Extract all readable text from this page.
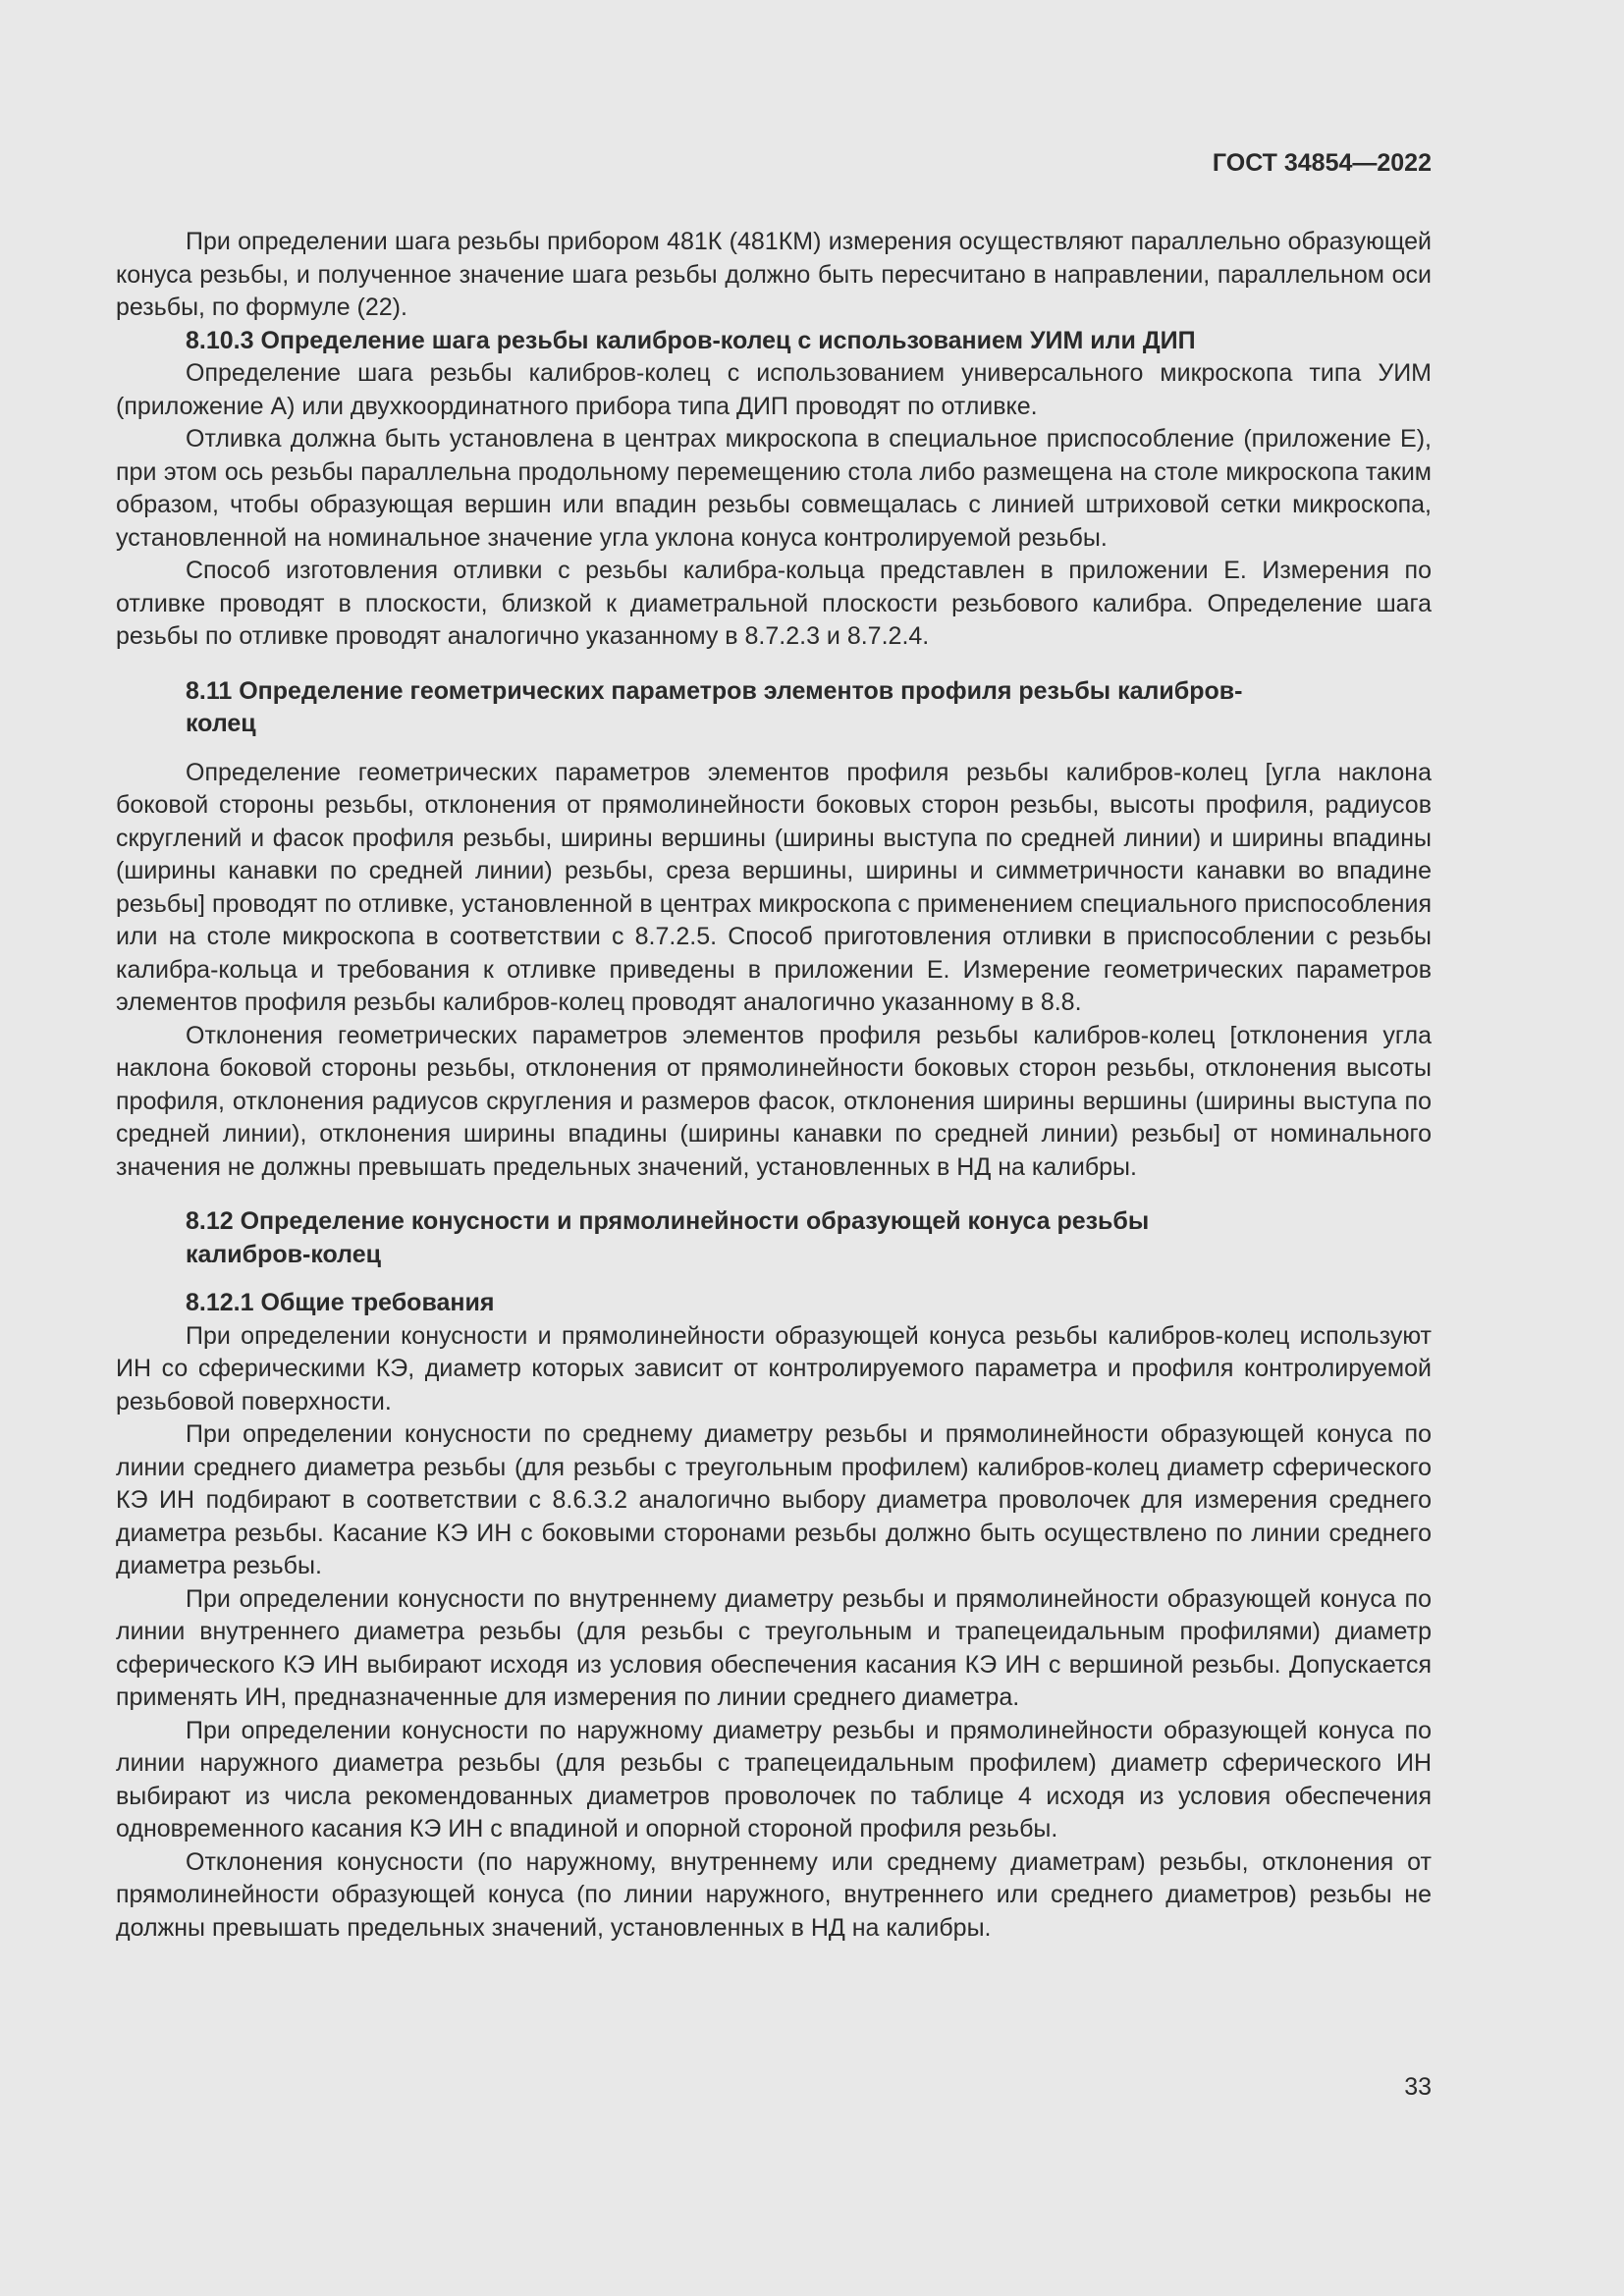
ГОСТ 34854—2022

При определении шага резьбы прибором 481К (481КМ) измерения осуществляют параллельно образующей конуса резьбы, и полученное значение шага резьбы должно быть пересчитано в направлении, параллельном оси резьбы, по формуле (22).

8.10.3 Определение шага резьбы калибров-колец с использованием УИМ или ДИП

Определение шага резьбы калибров-колец с использованием универсального микроскопа типа УИМ (приложение А) или двухкоординатного прибора типа ДИП проводят по отливке.

Отливка должна быть установлена в центрах микроскопа в специальное приспособление (приложение Е), при этом ось резьбы параллельна продольному перемещению стола либо размещена на столе микроскопа таким образом, чтобы образующая вершин или впадин резьбы совмещалась с линией штриховой сетки микроскопа, установленной на номинальное значение угла уклона конуса контролируемой резьбы.

Способ изготовления отливки с резьбы калибра-кольца представлен в приложении Е. Измерения по отливке проводят в плоскости, близкой к диаметральной плоскости резьбового калибра. Определение шага резьбы по отливке проводят аналогично указанному в 8.7.2.3 и 8.7.2.4.

8.11 Определение геометрических параметров элементов профиля резьбы калибров-колец

Определение геометрических параметров элементов профиля резьбы калибров-колец [угла наклона боковой стороны резьбы, отклонения от прямолинейности боковых сторон резьбы, высоты профиля, радиусов скруглений и фасок профиля резьбы, ширины вершины (ширины выступа по средней линии) и ширины впадины (ширины канавки по средней линии) резьбы, среза вершины, ширины и симметричности канавки во впадине резьбы] проводят по отливке, установленной в центрах микроскопа с применением специального приспособления или на столе микроскопа в соответствии с 8.7.2.5. Способ приготовления отливки в приспособлении с резьбы калибра-кольца и требования к отливке приведены в приложении Е. Измерение геометрических параметров элементов профиля резьбы калибров-колец проводят аналогично указанному в 8.8.

Отклонения геометрических параметров элементов профиля резьбы калибров-колец [отклонения угла наклона боковой стороны резьбы, отклонения от прямолинейности боковых сторон резьбы, отклонения высоты профиля, отклонения радиусов скругления и размеров фасок, отклонения ширины вершины (ширины выступа по средней линии), отклонения ширины впадины (ширины канавки по средней линии) резьбы] от номинального значения не должны превышать предельных значений, установленных в НД на калибры.

8.12 Определение конусности и прямолинейности образующей конуса резьбы калибров-колец
8.12.1 Общие требования

При определении конусности и прямолинейности образующей конуса резьбы калибров-колец используют ИН со сферическими КЭ, диаметр которых зависит от контролируемого параметра и профиля контролируемой резьбовой поверхности.

При определении конусности по среднему диаметру резьбы и прямолинейности образующей конуса по линии среднего диаметра резьбы (для резьбы с треугольным профилем) калибров-колец диаметр сферического КЭ ИН подбирают в соответствии с 8.6.3.2 аналогично выбору диаметра проволочек для измерения среднего диаметра резьбы. Касание КЭ ИН с боковыми сторонами резьбы должно быть осуществлено по линии среднего диаметра резьбы.

При определении конусности по внутреннему диаметру резьбы и прямолинейности образующей конуса по линии внутреннего диаметра резьбы (для резьбы с треугольным и трапецеидальным профилями) диаметр сферического КЭ ИН выбирают исходя из условия обеспечения касания КЭ ИН с вершиной резьбы. Допускается применять ИН, предназначенные для измерения по линии среднего диаметра.

При определении конусности по наружному диаметру резьбы и прямолинейности образующей конуса по линии наружного диаметра резьбы (для резьбы с трапецеидальным профилем) диаметр сферического ИН выбирают из числа рекомендованных диаметров проволочек по таблице 4 исходя из условия обеспечения одновременного касания КЭ ИН с впадиной и опорной стороной профиля резьбы.

Отклонения конусности (по наружному, внутреннему или среднему диаметрам) резьбы, отклонения от прямолинейности образующей конуса (по линии наружного, внутреннего или среднего диаметров) резьбы не должны превышать предельных значений, установленных в НД на калибры.

33
